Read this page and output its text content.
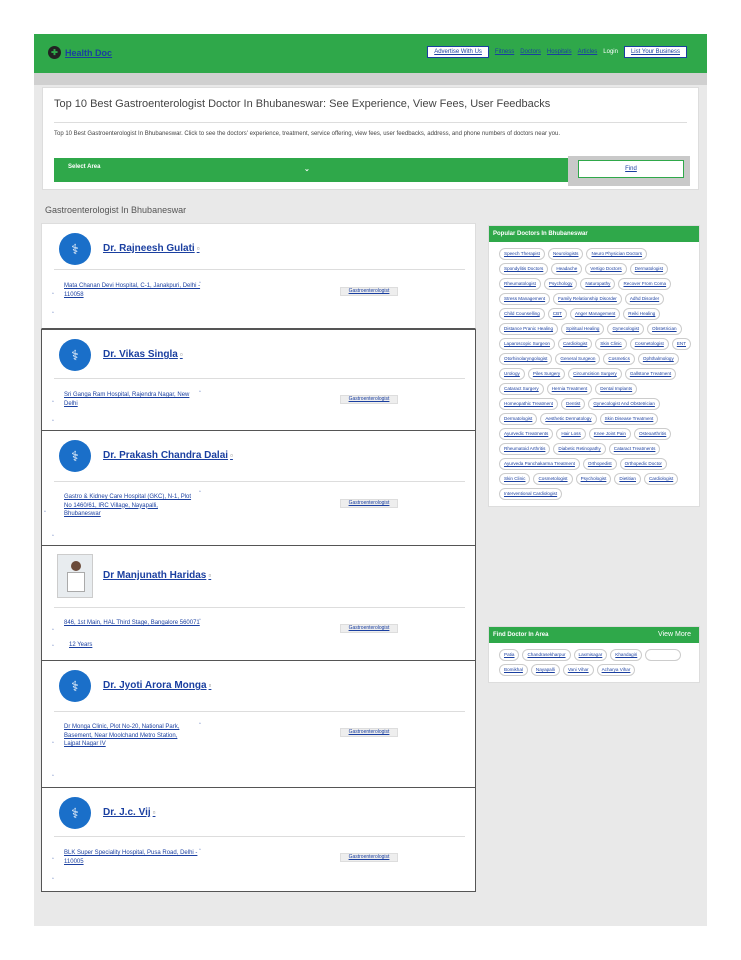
✚ Health Doc	Advertise With Us	Fitness Doctors Hospitals Articles Login	List Your Business
Top 10 Best Gastroenterologist Doctor In Bhubaneswar: See Experience, View Fees, User Feedbacks
Top 10 Best Gastroenterologist In Bhubaneswar. Click to see the doctors' experience, treatment, service offering, view fees, user feedbacks, address, and phone numbers of doctors near you.
Select Area	⌄	Find
Gastroenterologist In Bhubaneswar
⚕	Dr. Rajneesh Gulati ▫
Mata Chanan Devi Hospital, C-1, Janakpuri, Delhi - 110058
▫
▫
Gastroenterologist
▫
⚕	Dr. Vikas Singla ▫
Sri Ganga Ram Hospital, Rajendra Nagar, New Delhi
▫
▫
Gastroenterologist
▫
⚕	Dr. Prakash Chandra Dalai ▫
Gastro & Kidney Care Hospital (GKC), N-1, Plot No 1460/61, IRC Village, Nayapalli, Bhubaneswar
▫
▫
Gastroenterologist
▫
Dr Manjunath Haridas ▫
846, 1st Main, HAL Third Stage, Bangalore 560071
▫
▫
Gastroenterologist
▫	12 Years
⚕	Dr. Jyoti Arora Monga ▫
Dr Monga Clinic, Plot No-20, National Park, Basement, Near Moolchand Metro Station, Lajpat Nagar IV
▫
▫
Gastroenterologist
▫
⚕	Dr. J.c. Vij ▫
BLK Super Speciality Hospital, Pusa Road, Delhi - 110005
▫
▫
Gastroenterologist
▫
Popular Doctors In Bhubaneswar
Speech Therapist	Neurologists	Neuro Physician Doctors
Spondylitis Doctors	Headache	Vertigo Doctors	Dermatologist
Rheumatologist	Psychology	Naturopathy	Recover From Coma
Stress Management	Family Relationship Disorder	Adhd Disorder
Child Counselling	CBT	Anger Management	Reiki Healing
Distance Pranic Healing	Spiritual Healing	Gynecologist	Obstetrician
Laparoscopic Surgeon	Cardiologist	Skin Clinic	Cosmetologist	ENT
Otorhinolaryngologist	General Surgeon	Cosmetics	Ophthalmology
Urology	Piles Surgery	Circumcision Surgery	Gallstone Treatment
Cataract Surgery	Hernia Treatment	Dental Implants
Homeopathic Treatment	Dentist	Gynecologist And Obstetrician
Dermatologist	Aesthetic Dermatology	Skin Disease Treatment
Ayurvedic Treatments	Hair Loss	Knee Joint Pain	Osteoarthritis
Rheumatoid Arthritis	Diabetic Retinopathy	Cataract Treatments
Ayurveda Panchakarma Treatment	Orthopedist	Orthopedic Doctor
Skin Clinic	Cosmetologist	Psychologist	Dietitian	Cardiologist
Interventional Cardiologist
Find Doctor In Area	View More
Patia	Chandrasekharpur	Laxmisagar	Khandagiri
Bomikhal	Nayapalli	Vani Vihar	Acharya Vihar
